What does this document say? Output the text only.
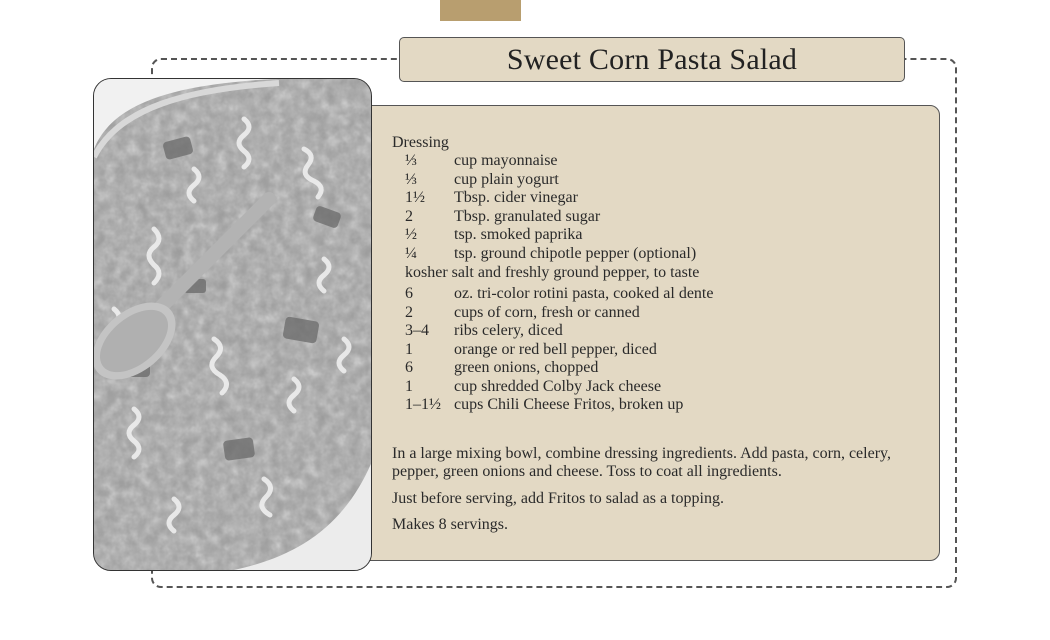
Sweet Corn Pasta Salad
Dressing
⅓	cup mayonnaise
⅓	cup plain yogurt
1½	Tbsp. cider vinegar
2	Tbsp. granulated sugar
½	tsp. smoked paprika
¼	tsp. ground chipotle pepper (optional)
kosher salt and freshly ground pepper, to taste
6	oz. tri-color rotini pasta, cooked al dente
2	cups of corn, fresh or canned
3–4	ribs celery, diced
1	orange or red bell pepper, diced
6	green onions, chopped
1	cup shredded Colby Jack cheese
1–1½ cups Chili Cheese Fritos, broken up

In a large mixing bowl, combine dressing ingredients. Add pasta, corn, celery, pepper, green onions and cheese. Toss to coat all ingredients.

Just before serving, add Fritos to salad as a topping.

Makes 8 servings.
